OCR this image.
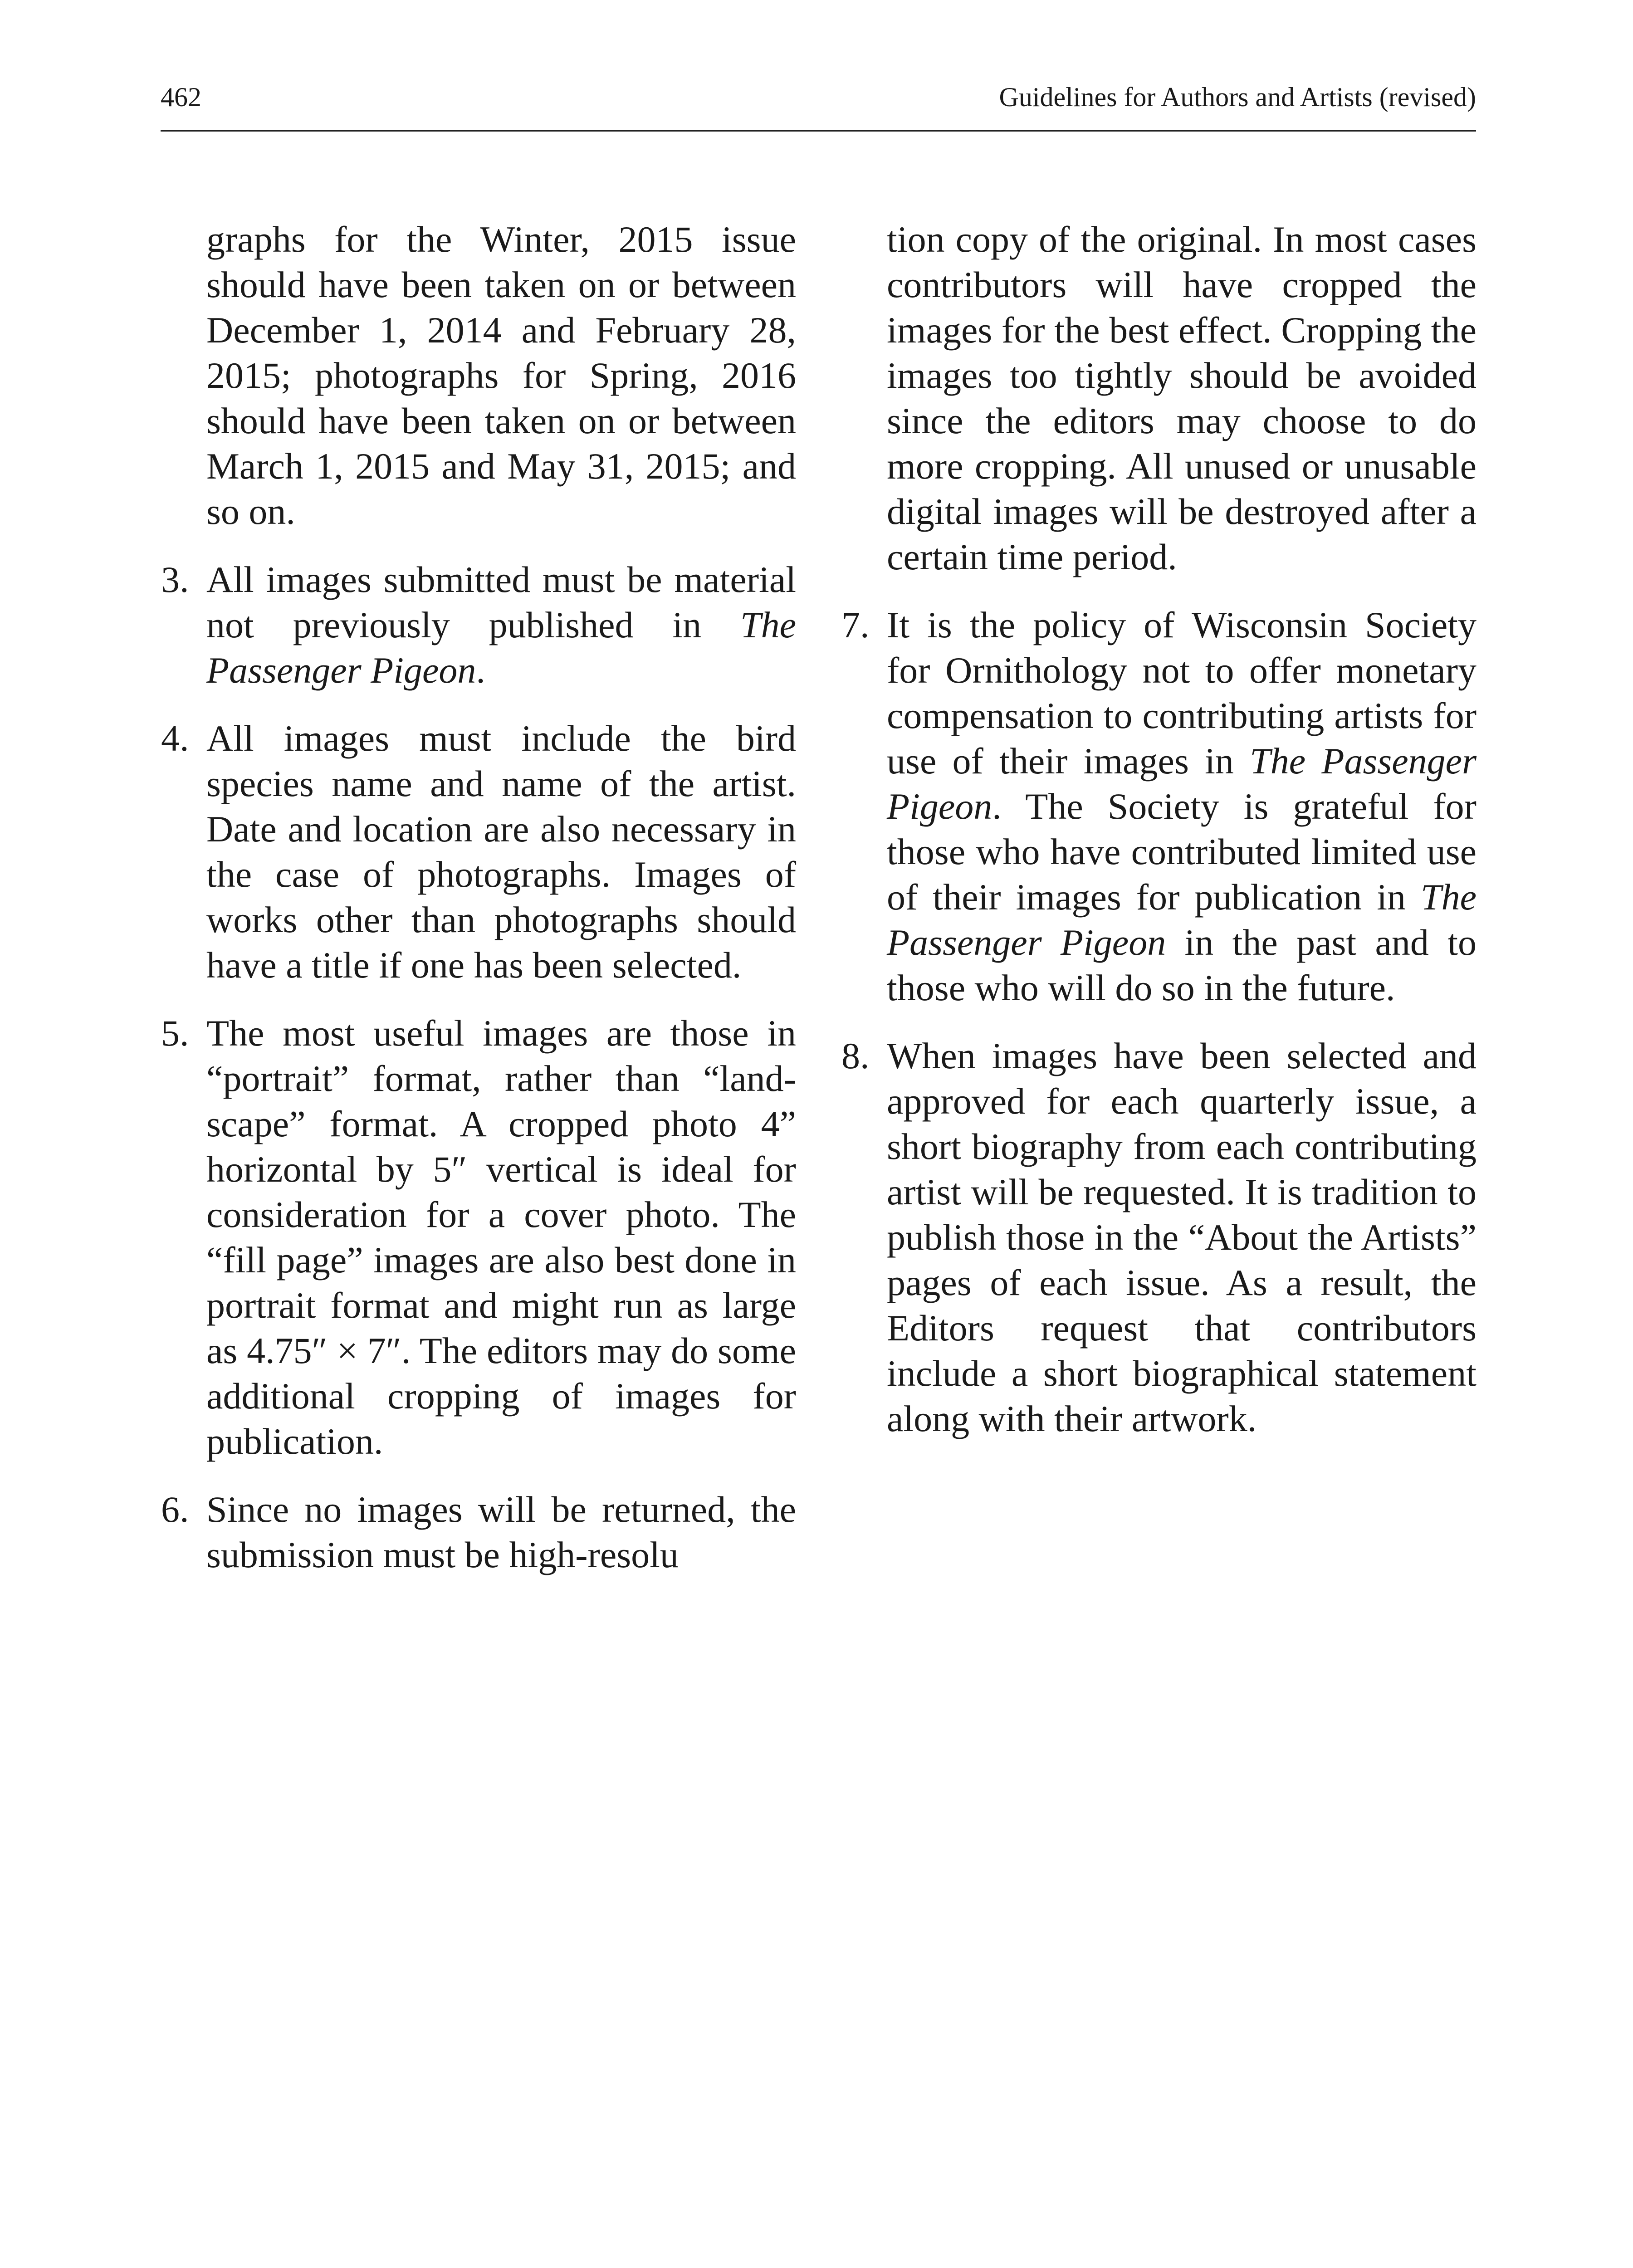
462	Guidelines for Authors and Artists (revised)

graphs for the Winter, 2015 issue should have been taken on or between December 1, 2014 and February 28, 2015; photographs for Spring, 2016 should have been taken on or between March 1, 2015 and May 31, 2015; and so on.

3. All images submitted must be material not previously published in The Passenger Pigeon.
4. All images must include the bird species name and name of the artist. Date and location are also necessary in the case of photographs. Images of works other than photographs should have a title if one has been selected.
5. The most useful images are those in “portrait” format, rather than “landscape” format. A cropped photo 4” horizontal by 5″ vertical is ideal for consideration for a cover photo. The “fill page” images are also best done in portrait format and might run as large as 4.75″ × 7″. The editors may do some additional cropping of images for publication.
6. Since no images will be returned, the submission must be high-resolu

tion copy of the original. In most cases contributors will have cropped the images for the best effect. Cropping the images too tightly should be avoided since the editors may choose to do more cropping. All unused or unusable digital images will be destroyed after a certain time period.

7. It is the policy of Wisconsin Society for Ornithology not to offer monetary compensation to contributing artists for use of their images in The Passenger Pigeon. The Society is grateful for those who have contributed limited use of their images for publication in The Passenger Pigeon in the past and to those who will do so in the future.
8. When images have been selected and approved for each quarterly issue, a short biography from each contributing artist will be requested. It is tradition to publish those in the “About the Artists” pages of each issue. As a result, the Editors request that contributors include a short biographical statement along with their artwork.
